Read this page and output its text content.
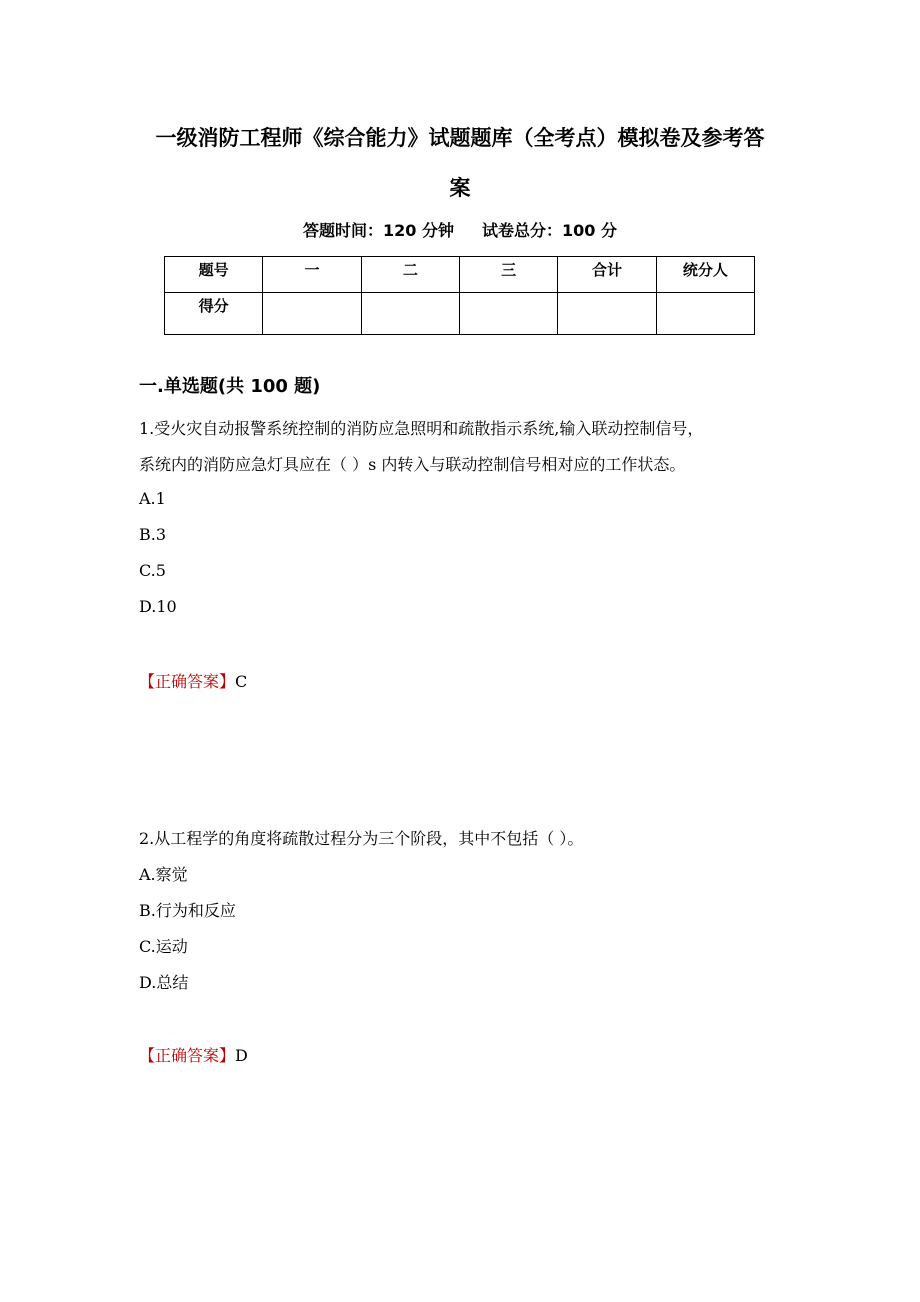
一级消防工程师《综合能力》试题题库（全考点）模拟卷及参考答
案
答题时间：120 分钟 试卷总分：100 分
题号	一	二	三	合计	统分人
得分					
一.单选题(共 100 题)
1.受火灾自动报警系统控制的消防应急照明和疏散指示系统,输入联动控制信号，
系统内的消防应急灯具应在（ ）s 内转入与联动控制信号相对应的工作状态。
A.1
B.3
C.5
D.10
【正确答案】C
2.从工程学的角度将疏散过程分为三个阶段，其中不包括（ ）。
A.察觉
B.行为和反应
C.运动
D.总结
【正确答案】D
